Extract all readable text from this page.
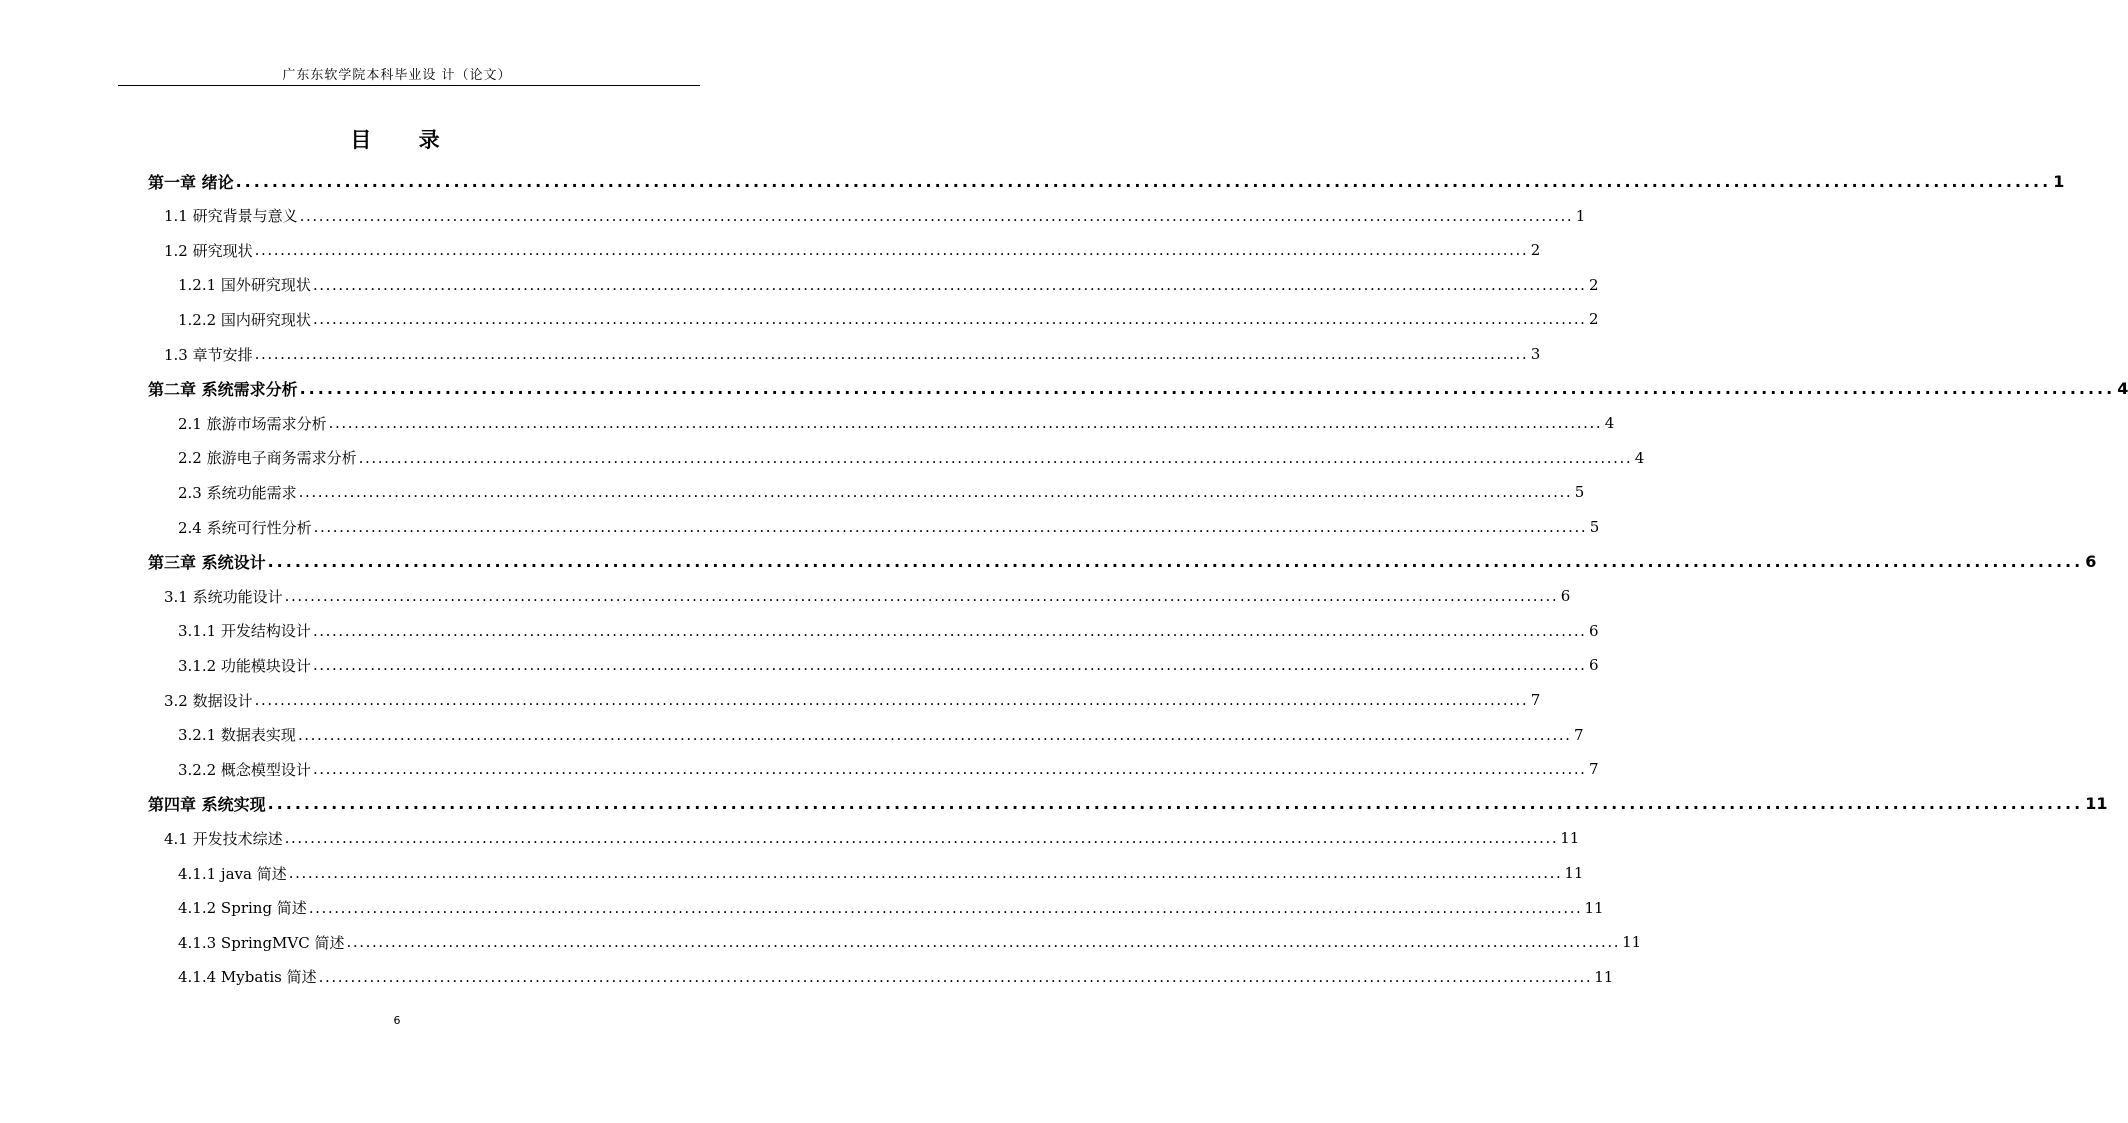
广东东软学院本科毕业设 计（论文）
目 录
第一章 绪论 ........................................................................................................................................................................................................ 1
1.1 研究背景与意义 ........................................................................................................................................................................................................ 1
1.2 研究现状 ........................................................................................................................................................................................................ 2
1.2.1 国外研究现状 ........................................................................................................................................................................................................ 2
1.2.2 国内研究现状 ........................................................................................................................................................................................................ 2
1.3 章节安排 ........................................................................................................................................................................................................ 3
第二章 系统需求分析 ........................................................................................................................................................................................................ 4
2.1 旅游市场需求分析 ........................................................................................................................................................................................................ 4
2.2 旅游电子商务需求分析 ........................................................................................................................................................................................................ 4
2.3 系统功能需求 ........................................................................................................................................................................................................ 5
2.4 系统可行性分析 ........................................................................................................................................................................................................ 5
第三章 系统设计 ........................................................................................................................................................................................................ 6
3.1 系统功能设计 ........................................................................................................................................................................................................ 6
3.1.1 开发结构设计 ........................................................................................................................................................................................................ 6
3.1.2 功能模块设计 ........................................................................................................................................................................................................ 6
3.2 数据设计 ........................................................................................................................................................................................................ 7
3.2.1 数据表实现 ........................................................................................................................................................................................................ 7
3.2.2 概念模型设计 ........................................................................................................................................................................................................ 7
第四章 系统实现 ........................................................................................................................................................................................................ 11
4.1 开发技术综述 ........................................................................................................................................................................................................ 11
4.1.1 java 简述 ........................................................................................................................................................................................................ 11
4.1.2 Spring 简述 ........................................................................................................................................................................................................ 11
4.1.3 SpringMVC 简述 ........................................................................................................................................................................................................ 11
4.1.4 Mybatis 简述 ........................................................................................................................................................................................................ 11
6
